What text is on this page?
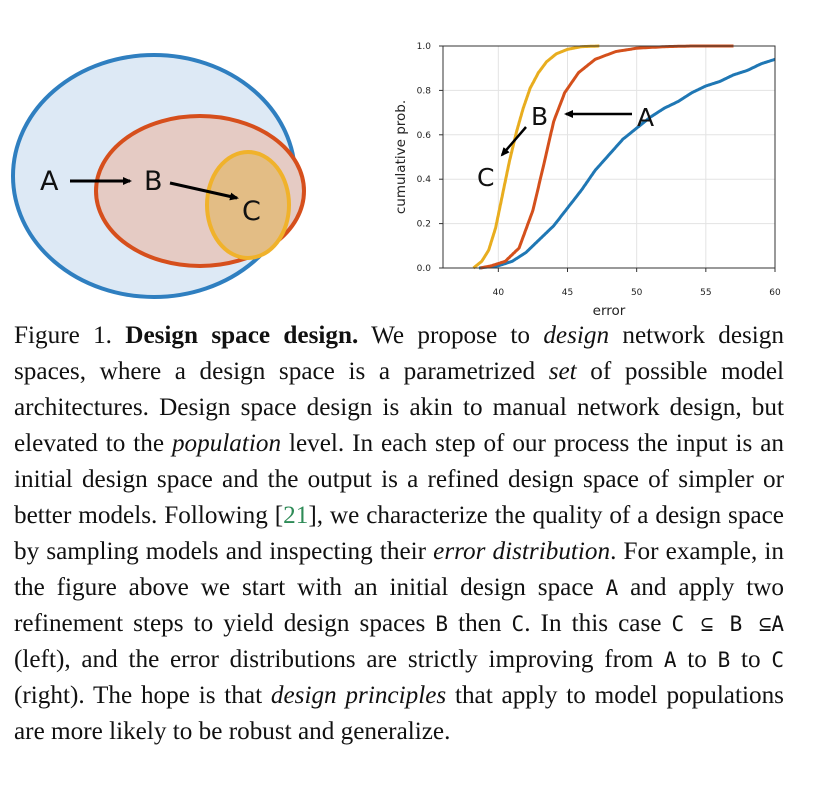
A	B
C
40	45	50	55	60
0.0
0.2
0.4
0.6
0.8
1.0
error
cumulative prob.	A
B
C

Figure 1. Design space design. We propose to design network design spaces, where a design space is a parametrized set of possible model architectures. Design space design is akin to manual network design, but elevated to the population level. In each step of our process the input is an initial design space and the output is a refined design space of simpler or better models. Following [21], we characterize the quality of a design space by sampling models and inspecting their error distribution. For example, in the figure above we start with an initial design space A and apply two refinement steps to yield design spaces B then C. In this case C ⊆ B ⊆A (left), and the error distributions are strictly improving from A to B to C (right). The hope is that design principles that apply to model populations are more likely to be robust and generalize.
